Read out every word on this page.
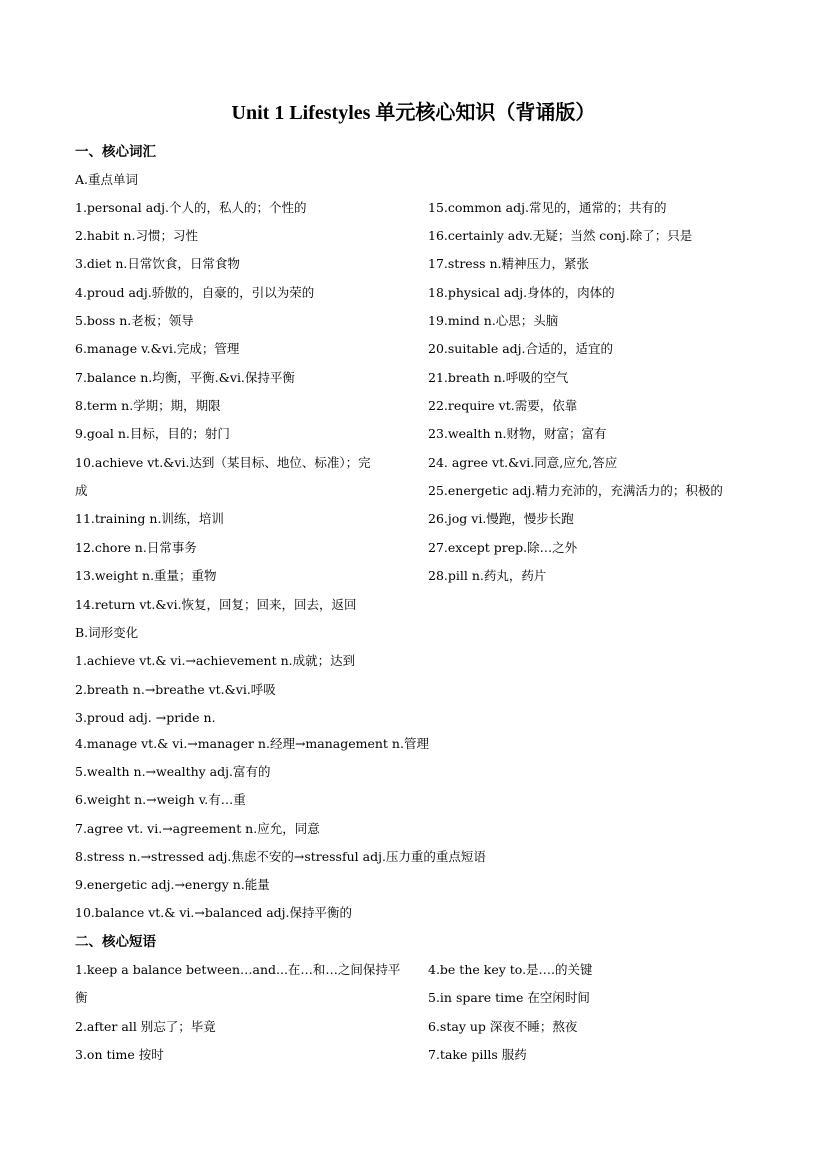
Unit 1 Lifestyles 单元核心知识（背诵版）
一、核心词汇
A.重点单词
1.personal adj.个人的，私人的；个性的
2.habit n.习惯；习性
3.diet n.日常饮食，日常食物
4.proud adj.骄傲的，自豪的，引以为荣的
5.boss n.老板；领导
6.manage v.&vi.完成；管理
7.balance n.均衡，平衡.&vi.保持平衡
8.term n.学期；期，期限
9.goal n.目标，目的；射门
10.achieve vt.&vi.达到（某目标、地位、标准）；完
成
11.training n.训练，培训
12.chore n.日常事务
13.weight n.重量；重物
14.return vt.&vi.恢复，回复；回来，回去，返回
15.common adj.常见的，通常的；共有的
16.certainly adv.无疑；当然 conj.除了；只是
17.stress n.精神压力，紧张
18.physical adj.身体的，肉体的
19.mind n.心思；头脑
20.suitable adj.合适的，适宜的
21.breath n.呼吸的空气
22.require vt.需要，依靠
23.wealth n.财物，财富；富有
24. agree vt.&vi.同意,应允,答应
25.energetic adj.精力充沛的，充满活力的；积极的
26.jog vi.慢跑，慢步长跑
27.except prep.除…之外
28.pill n.药丸，药片
B.词形变化
1.achieve vt.& vi.→achievement n.成就；达到
2.breath n.→breathe vt.&vi.呼吸
3.proud adj. →pride n.
4.manage vt.& vi.→manager n.经理→management n.管理
5.wealth n.→wealthy adj.富有的
6.weight n.→weigh v.有…重
7.agree vt. vi.→agreement n.应允，同意
8.stress n.→stressed adj.焦虑不安的→stressful adj.压力重的重点短语
9.energetic adj.→energy n.能量
10.balance vt.& vi.→balanced adj.保持平衡的
二、核心短语
1.keep a balance between…and...在…和…之间保持平
衡
2.after all 别忘了；毕竟
3.on time 按时
4.be the key to.是….的关键
5.in spare time 在空闲时间
6.stay up 深夜不睡；熬夜
7.take pills 服药
